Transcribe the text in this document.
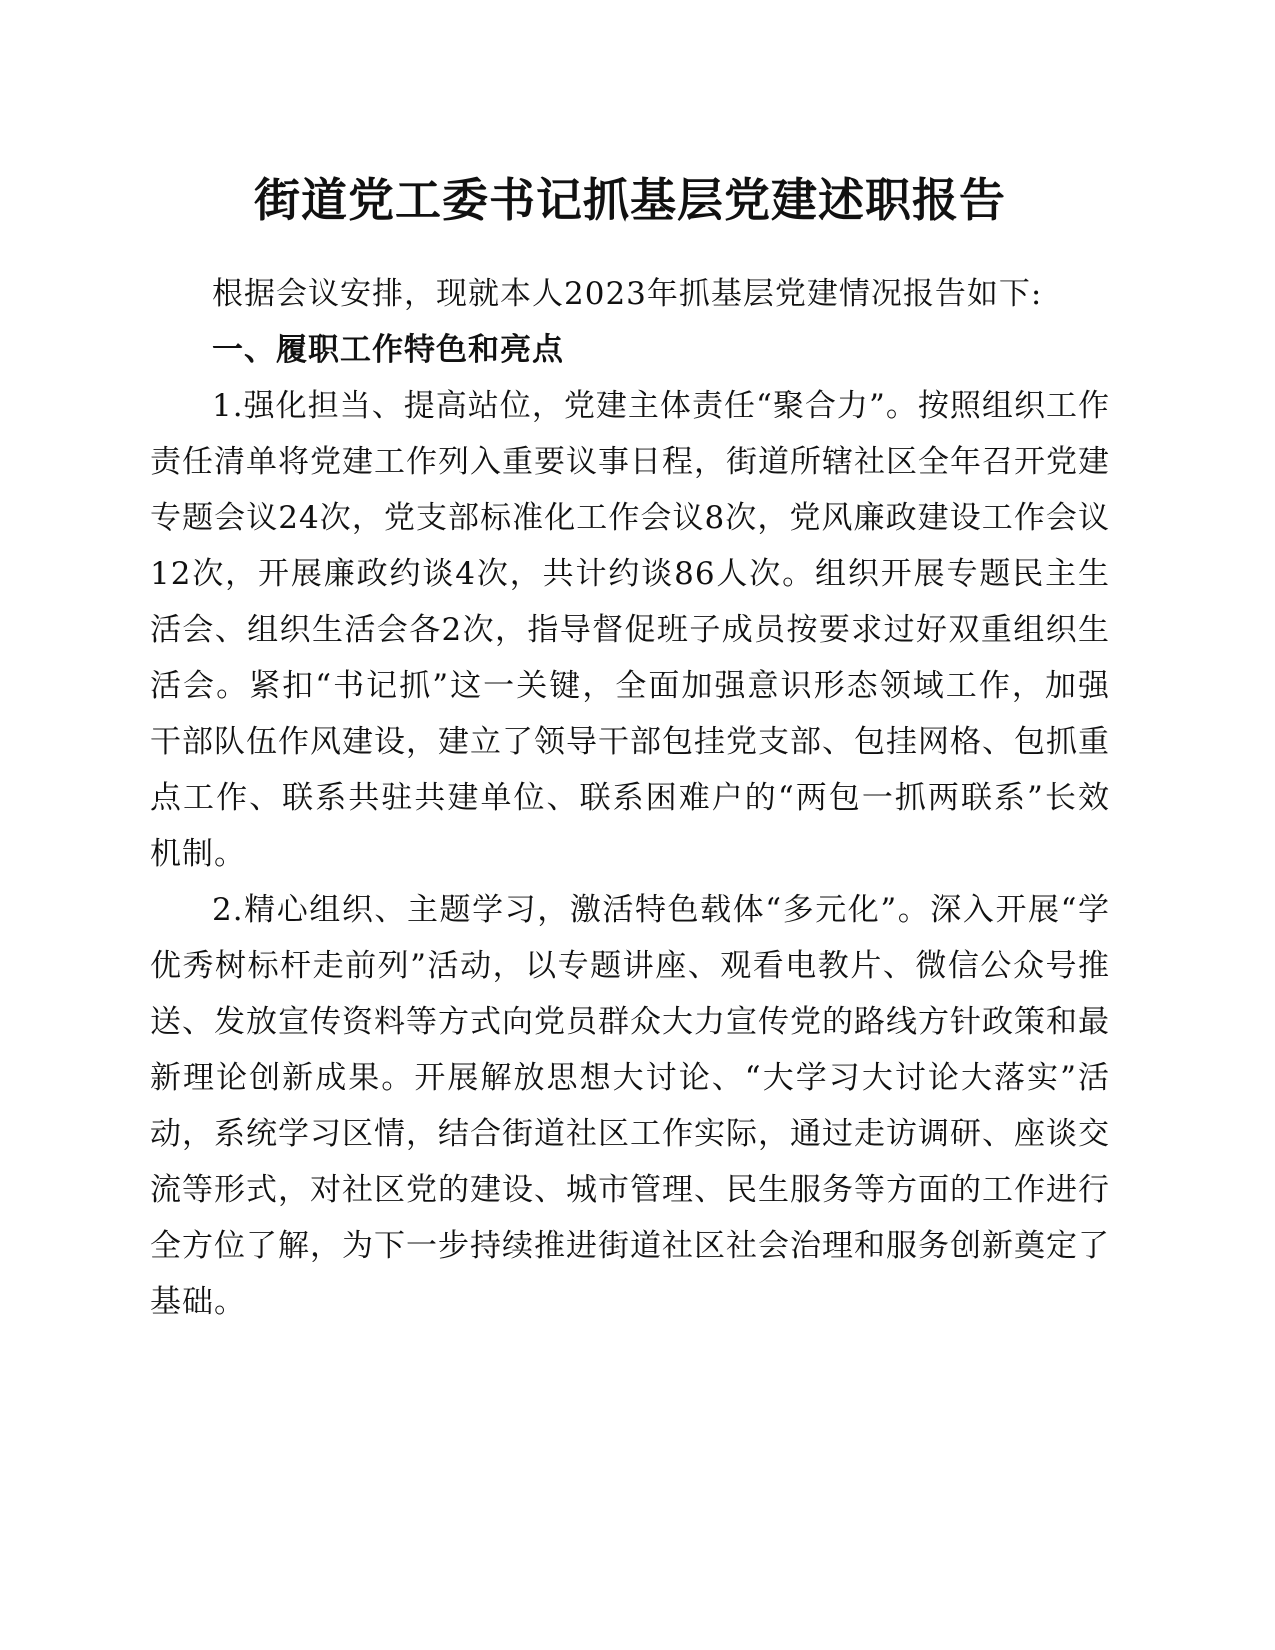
街道党工委书记抓基层党建述职报告

根据会议安排，现就本人2023年抓基层党建情况报告如下:

一、履职工作特色和亮点

1.强化担当、提高站位，党建主体责任“聚合力”。按照组织工作责任清单将党建工作列入重要议事日程，街道所辖社区全年召开党建专题会议24次，党支部标准化工作会议8次，党风廉政建设工作会议12次，开展廉政约谈4次，共计约谈86人次。组织开展专题民主生活会、组织生活会各2次，指导督促班子成员按要求过好双重组织生活会。紧扣“书记抓”这一关键，全面加强意识形态领域工作，加强干部队伍作风建设，建立了领导干部包挂党支部、包挂网格、包抓重点工作、联系共驻共建单位、联系困难户的“两包一抓两联系”长效机制。

2.精心组织、主题学习，激活特色载体“多元化”。深入开展“学优秀树标杆走前列”活动，以专题讲座、观看电教片、微信公众号推送、发放宣传资料等方式向党员群众大力宣传党的路线方针政策和最新理论创新成果。开展解放思想大讨论、“大学习大讨论大落实”活动，系统学习区情，结合街道社区工作实际，通过走访调研、座谈交流等形式，对社区党的建设、城市管理、民生服务等方面的工作进行全方位了解，为下一步持续推进街道社区社会治理和服务创新奠定了基础。
